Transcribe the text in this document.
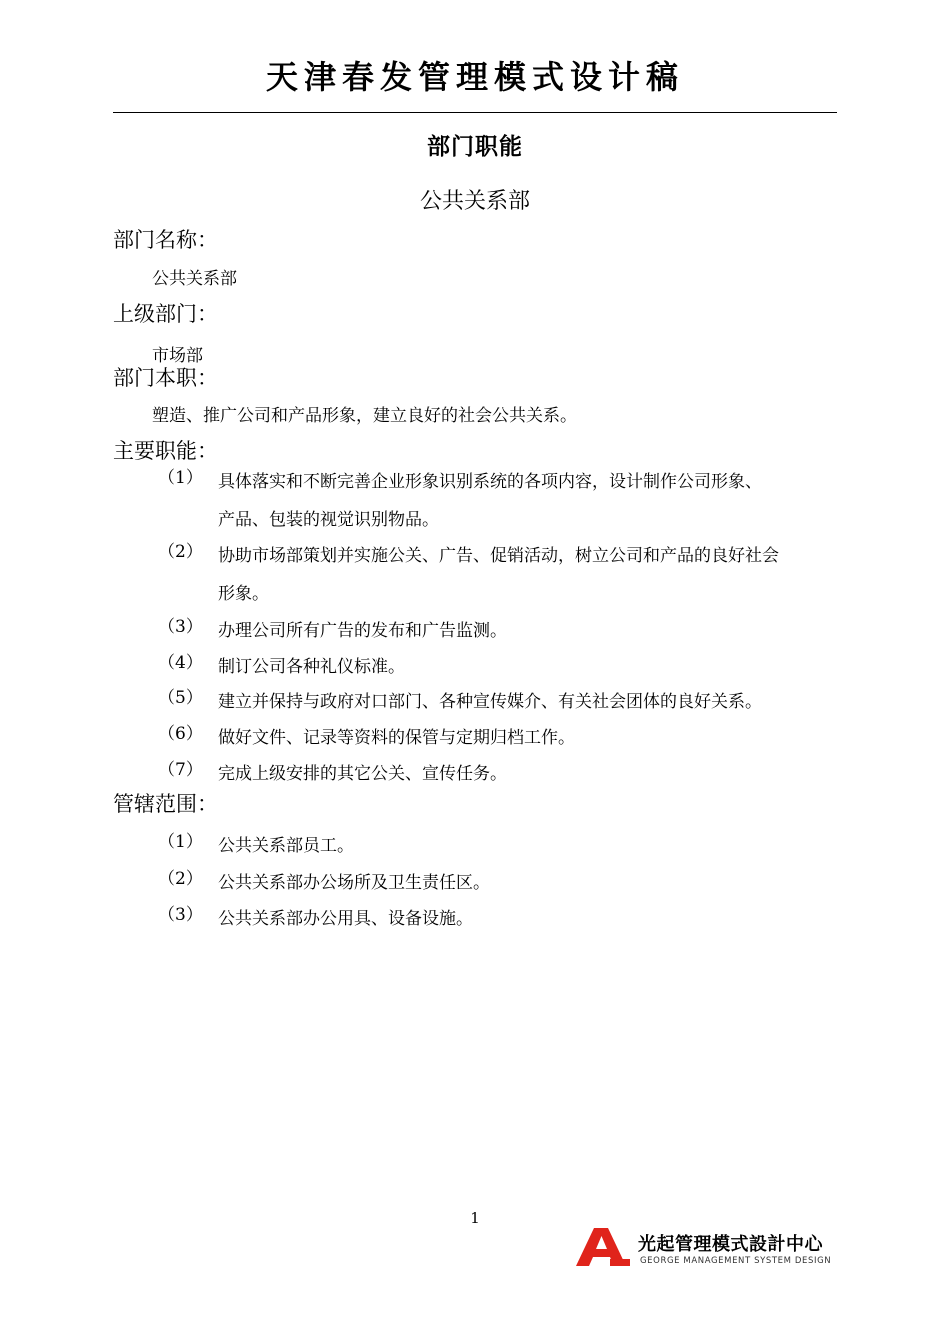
天津春发管理模式设计稿
部门职能
公共关系部
部门名称：
公共关系部
上级部门：
市场部
部门本职：
塑造、推广公司和产品形象，建立良好的社会公共关系。
主要职能：
（1） 具体落实和不断完善企业形象识别系统的各项内容，设计制作公司形象、
产品、包装的视觉识别物品。
（2） 协助市场部策划并实施公关、广告、促销活动，树立公司和产品的良好社会
形象。
（3） 办理公司所有广告的发布和广告监测。
（4） 制订公司各种礼仪标准。
（5） 建立并保持与政府对口部门、各种宣传媒介、有关社会团体的良好关系。
（6） 做好文件、记录等资料的保管与定期归档工作。
（7） 完成上级安排的其它公关、宣传任务。
管辖范围：
（1） 公共关系部员工。
（2） 公共关系部办公场所及卫生责任区。
（3） 公共关系部办公用具、设备设施。
1
光起管理模式設計中心
GEORGE MANAGEMENT SYSTEM DESIGN
